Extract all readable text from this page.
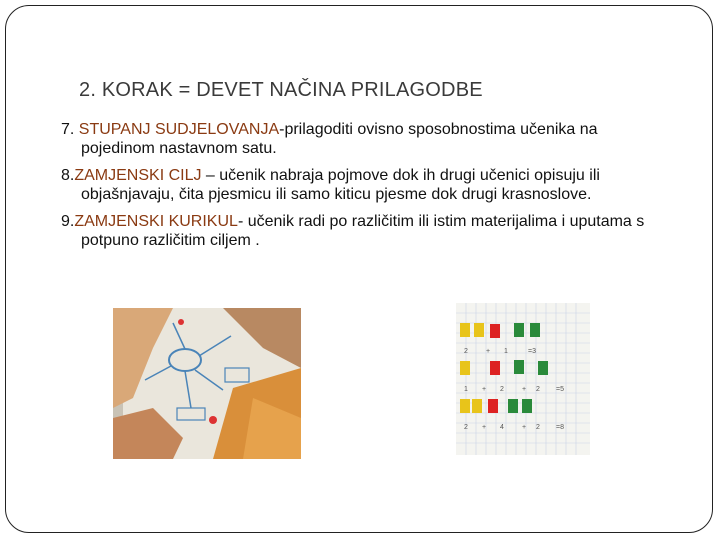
2. KORAK = DEVET NAČINA PRILAGODBE
7. STUPANJ SUDJELOVANJA-prilagoditi ovisno sposobnostima učenika na pojedinom nastavnom satu.
8.ZAMJENSKI CILJ – učenik nabraja pojmove dok ih drugi učenici opisuju ili objašnjavaju, čita pjesmicu ili samo kiticu pjesme dok drugi krasnoslove.
9.ZAMJENSKI KURIKUL- učenik radi po različitim ili istim materijalima i uputama s potpuno različitim ciljem .
2	+ 1	=3
1 + 2	+ 2 =5
2 + 4	+ 2 =8
